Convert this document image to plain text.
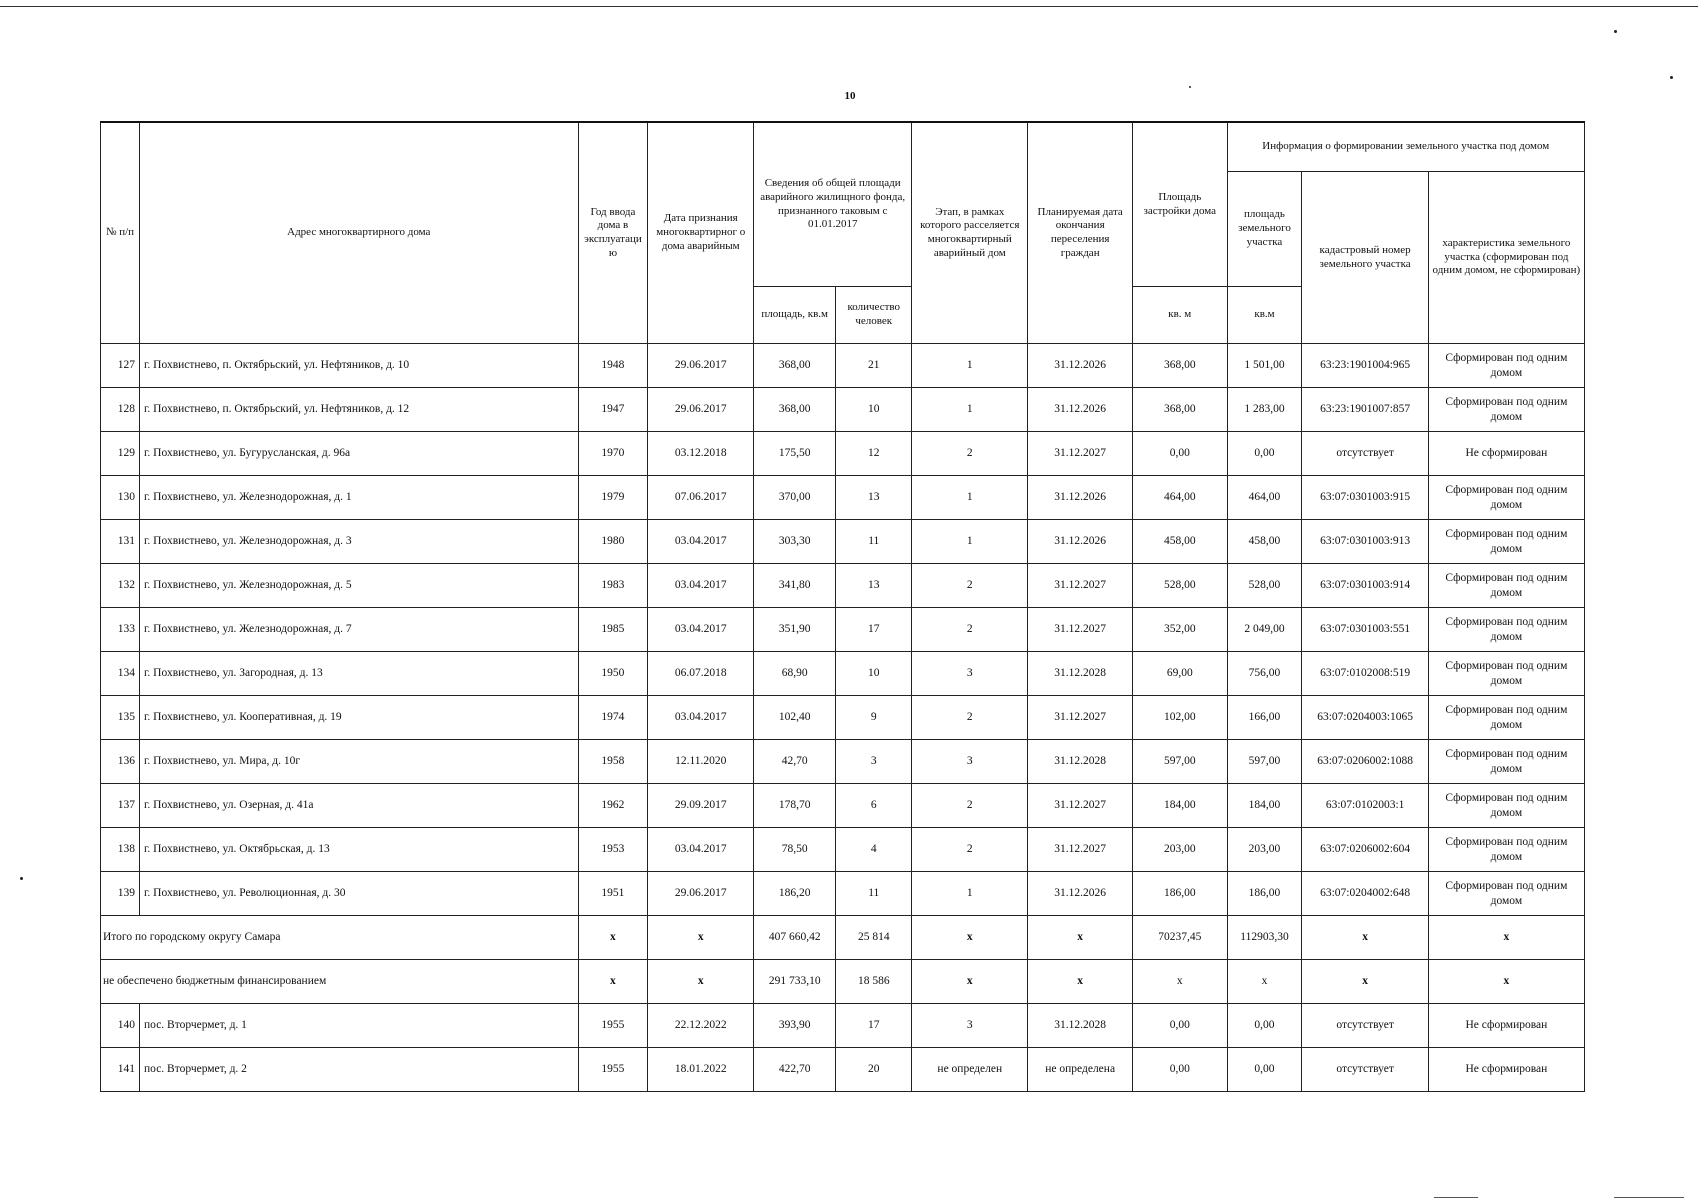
10
№ п/п	Адрес многоквартирного дома	Год ввода дома в эксплуатаци ю	Дата признания многоквартирног о дома аварийным	Сведения об общей площади аварийного жилищного фонда, признанного таковым с 01.01.2017		Этап, в рамках которого расселяется многоквартирный аварийный дом	Планируемая дата окончания переселения граждан	Площадь застройки дома	Информация о формировании земельного участка под домом		
									площадь земельного участка	кадастровый номер земельного участка	характеристика земельного участка (сформирован под одним домом, не сформирован)
				площадь, кв.м	количество человек			кв. м	кв.м		
127	г. Похвистнево, п. Октябрьский, ул. Нефтяников, д. 10	1948	29.06.2017	368,00	21	1	31.12.2026	368,00	1 501,00	63:23:1901004:965	Сформирован под одним домом
128	г. Похвистнево, п. Октябрьский, ул. Нефтяников, д. 12	1947	29.06.2017	368,00	10	1	31.12.2026	368,00	1 283,00	63:23:1901007:857	Сформирован под одним домом
129	г. Похвистнево, ул. Бугурусланская, д. 96а	1970	03.12.2018	175,50	12	2	31.12.2027	0,00	0,00	отсутствует	Не сформирован
130	г. Похвистнево, ул. Железнодорожная, д. 1	1979	07.06.2017	370,00	13	1	31.12.2026	464,00	464,00	63:07:0301003:915	Сформирован под одним домом
131	г. Похвистнево, ул. Железнодорожная, д. 3	1980	03.04.2017	303,30	11	1	31.12.2026	458,00	458,00	63:07:0301003:913	Сформирован под одним домом
132	г. Похвистнево, ул. Железнодорожная, д. 5	1983	03.04.2017	341,80	13	2	31.12.2027	528,00	528,00	63:07:0301003:914	Сформирован под одним домом
133	г. Похвистнево, ул. Железнодорожная, д. 7	1985	03.04.2017	351,90	17	2	31.12.2027	352,00	2 049,00	63:07:0301003:551	Сформирован под одним домом
134	г. Похвистнево, ул. Загородная, д. 13	1950	06.07.2018	68,90	10	3	31.12.2028	69,00	756,00	63:07:0102008:519	Сформирован под одним домом
135	г. Похвистнево, ул. Кооперативная, д. 19	1974	03.04.2017	102,40	9	2	31.12.2027	102,00	166,00	63:07:0204003:1065	Сформирован под одним домом
136	г. Похвистнево, ул. Мира, д. 10г	1958	12.11.2020	42,70	3	3	31.12.2028	597,00	597,00	63:07:0206002:1088	Сформирован под одним домом
137	г. Похвистнево, ул. Озерная, д. 41а	1962	29.09.2017	178,70	6	2	31.12.2027	184,00	184,00	63:07:0102003:1	Сформирован под одним домом
138	г. Похвистнево, ул. Октябрьская, д. 13	1953	03.04.2017	78,50	4	2	31.12.2027	203,00	203,00	63:07:0206002:604	Сформирован под одним домом
139	г. Похвистнево, ул. Революционная, д. 30	1951	29.06.2017	186,20	11	1	31.12.2026	186,00	186,00	63:07:0204002:648	Сформирован под одним домом
Итого по городскому округу Самара		x	x	407 660,42	25 814	x	x	70237,45	112903,30	x	x
не обеспечено бюджетным финансированием		x	x	291 733,10	18 586	x	x	x	x	x	x
140	пос. Вторчермет, д. 1	1955	22.12.2022	393,90	17	3	31.12.2028	0,00	0,00	отсутствует	Не сформирован
141	пос. Вторчермет, д. 2	1955	18.01.2022	422,70	20	не определен	не определена	0,00	0,00	отсутствует	Не сформирован
